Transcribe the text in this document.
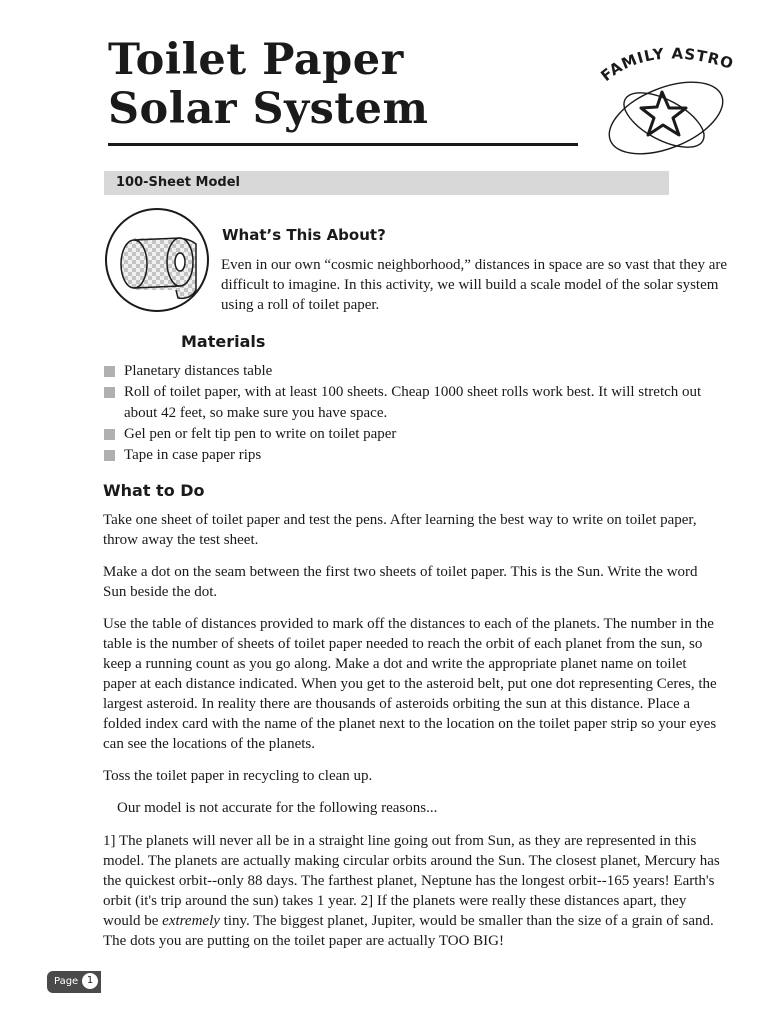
Toilet Paper
Solar System
FAMILY ASTRO
100-Sheet Model
What’s This About?

Even in our own “cosmic neighborhood,” distances in space are so vast that they are difficult to imagine. In this activity, we will build a scale model of the solar system using a roll of toilet paper.

Materials
Planetary distances table
Roll of toilet paper, with at least 100 sheets. Cheap 1000 sheet rolls work best. It will stretch out about 42 feet, so make sure you have space.
Gel pen or felt tip pen to write on toilet paper
Tape in case paper rips
What to Do

Take one sheet of toilet paper and test the pens. After learning the best way to write on toilet paper, throw away the test sheet.

Make a dot on the seam between the first two sheets of toilet paper. This is the Sun. Write the word Sun beside the dot.

Use the table of distances provided to mark off the distances to each of the planets. The number in the table is the number of sheets of toilet paper needed to reach the orbit of each planet from the sun, so keep a running count as you go along. Make a dot and write the appropriate planet name on toilet paper at each distance indicated. When you get to the asteroid belt, put one dot representing Ceres, the largest asteroid. In reality there are thousands of asteroids orbiting the sun at this distance. Place a folded index card with the name of the planet next to the location on the toilet paper strip so your eyes can see the locations of the planets.

Toss the toilet paper in recycling to clean up.

Our model is not accurate for the following reasons...

1] The planets will never all be in a straight line going out from Sun, as they are represented in this model. The planets are actually making circular orbits around the Sun. The closest planet, Mercury has the quickest orbit--only 88 days. The farthest planet, Neptune has the longest orbit--165 years! Earth's orbit (it's trip around the sun) takes 1 year. 2] If the planets were really these distances apart, they would be extremely tiny. The biggest planet, Jupiter, would be smaller than the size of a grain of sand. The dots you are putting on the toilet paper are actually TOO BIG!

Page 1
